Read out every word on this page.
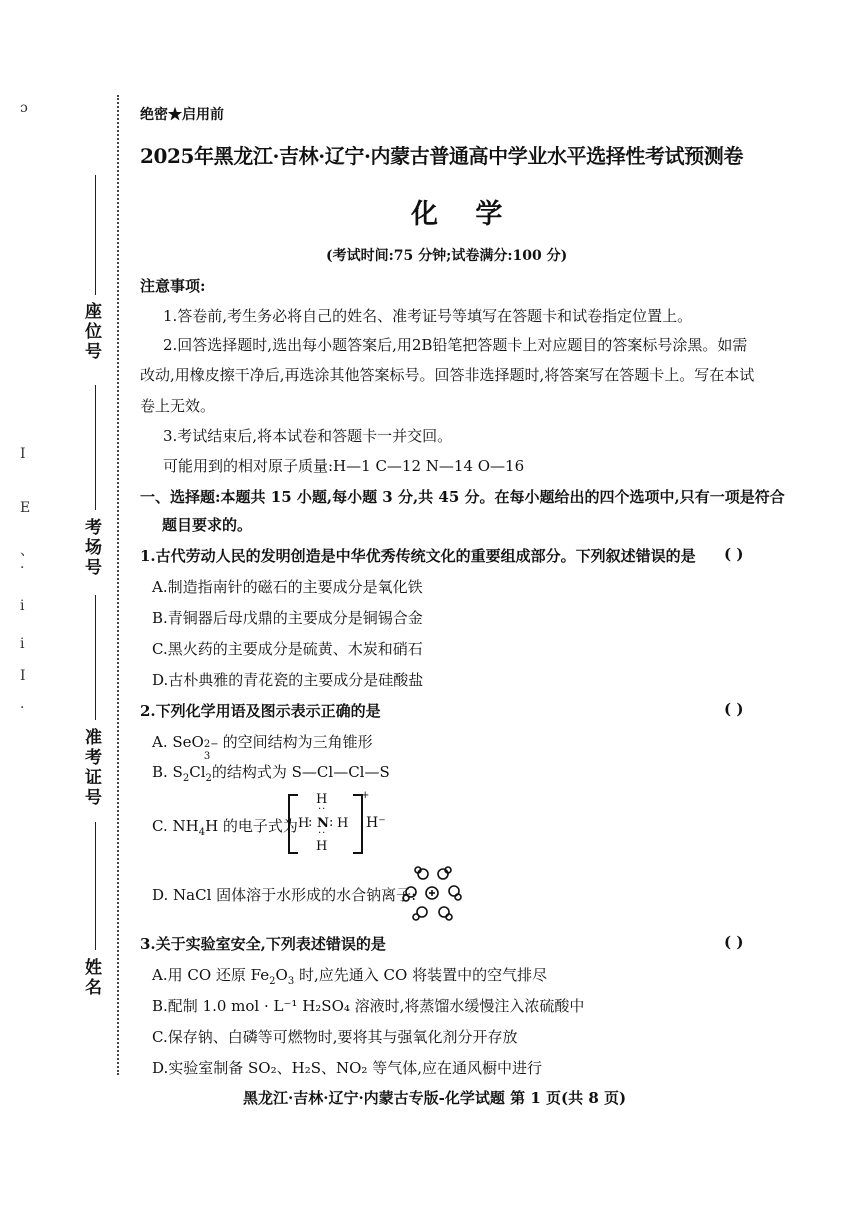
ɔ
I
E
、
·
i
i
I
·
座位号
考场号
准考证号
姓名
绝密★启用前
2025年黑龙江·吉林·辽宁·内蒙古普通高中学业水平选择性考试预测卷
化 学
(考试时间:75 分钟;试卷满分:100 分)
注意事项:
1.答卷前,考生务必将自己的姓名、准考证号等填写在答题卡和试卷指定位置上。
2.回答选择题时,选出每小题答案后,用2B铅笔把答题卡上对应题目的答案标号涂黑。如需
改动,用橡皮擦干净后,再选涂其他答案标号。回答非选择题时,将答案写在答题卡上。写在本试
卷上无效。
3.考试结束后,将本试卷和答题卡一并交回。
可能用到的相对原子质量:H—1 C—12 N—14 O—16
一、选择题:本题共 15 小题,每小题 3 分,共 45 分。在每小题给出的四个选项中,只有一项是符合
题目要求的。
1.古代劳动人民的发明创造是中华优秀传统文化的重要组成部分。下列叙述错误的是 ( )
A.制造指南针的磁石的主要成分是氧化铁
B.青铜器后母戊鼎的主要成分是铜锡合金
C.黑火药的主要成分是硫黄、木炭和硝石
D.古朴典雅的青花瓷的主要成分是硅酸盐
2.下列化学用语及图示表示正确的是	( )
A. SeO 2−
3
的空间结构为三角锥形
B. $S_2Cl_2$的结构式为 S—Cl—Cl—S
C. $NH_4H$ 的电子式为
H
··
H
: N : H
··
H
+
H⁻
D. NaCl 固体溶于水形成的水合钠离子:
3.关于实验室安全,下列表述错误的是	( )
A.用 CO 还原 $Fe_2O_3$ 时,应先通入 CO 将装置中的空气排尽
B.配制 1.0 mol · L⁻¹ H₂SO₄ 溶液时,将蒸馏水缓慢注入浓硫酸中
C.保存钠、白磷等可燃物时,要将其与强氧化剂分开存放
D.实验室制备 SO₂、H₂S、NO₂ 等气体,应在通风橱中进行
黑龙江·吉林·辽宁·内蒙古专版-化学试题 第 1 页(共 8 页)
